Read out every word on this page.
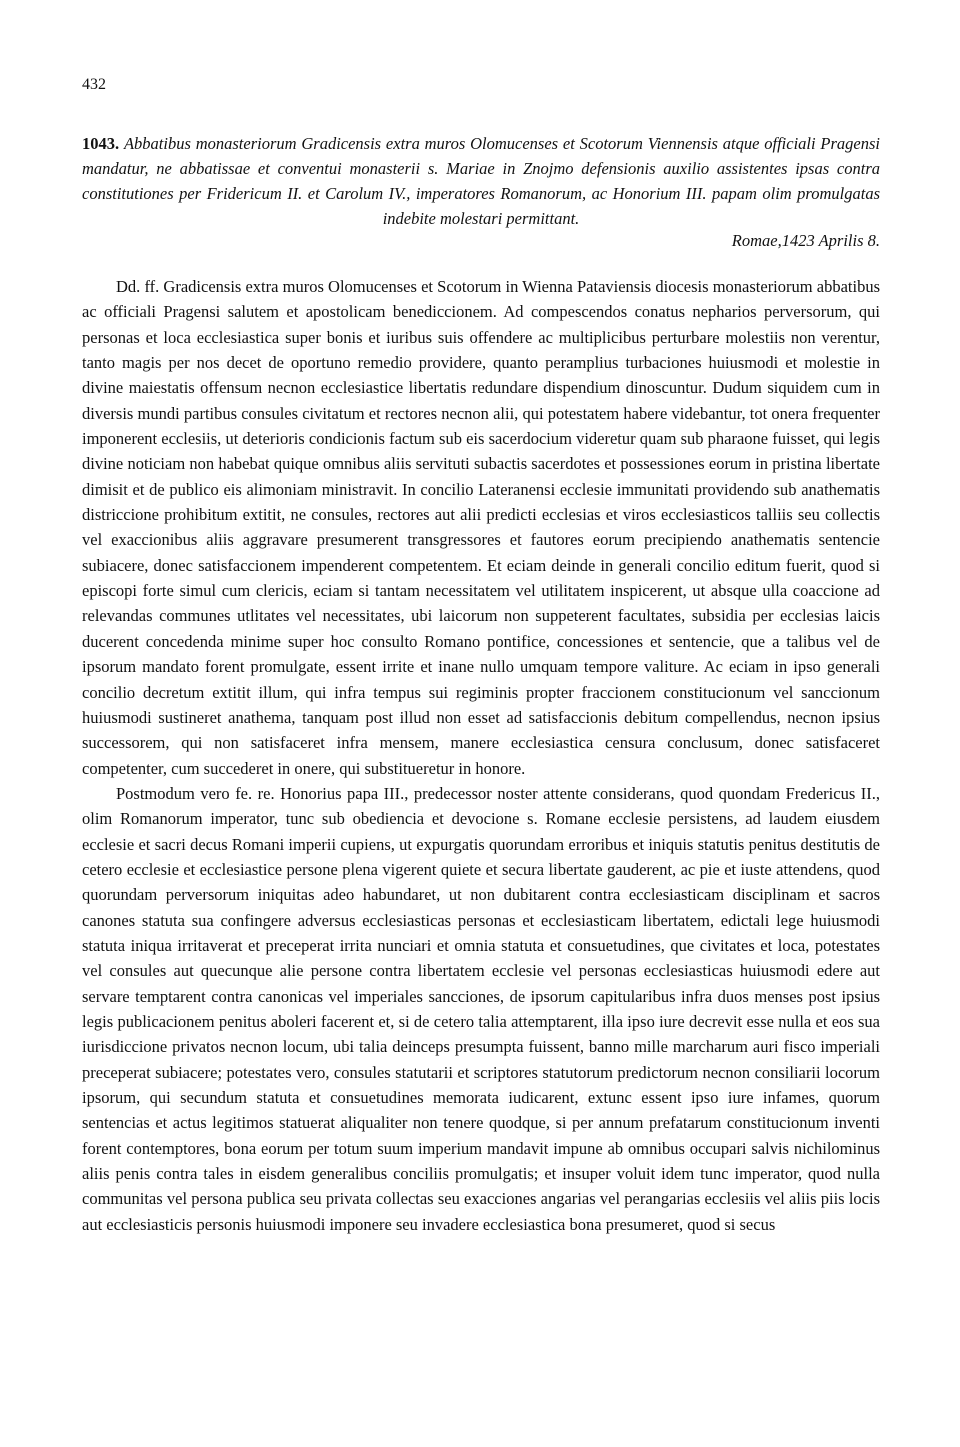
432
1043. Abbatibus monasteriorum Gradicensis extra muros Olomucenses et Scotorum Viennensis atque officiali Pragensi mandatur, ne abbatissae et conventui monasterii s. Mariae in Znojmo defensionis auxilio assistentes ipsas contra constitutiones per Fridericum II. et Carolum IV., imperatores Romanorum, ac Honorium III. papam olim promulgatas indebite molestari permittant.
Romae,1423 Aprilis 8.

Dd. ff. Gradicensis extra muros Olomucenses et Scotorum in Wienna Pataviensis diocesis monasteriorum abbatibus ac officiali Pragensi salutem et apostolicam benediccionem. Ad compescendos conatus nepharios perversorum, qui personas et loca ecclesiastica super bonis et iuribus suis offendere ac multiplicibus perturbare molestiis non verentur, tanto magis per nos decet de oportuno remedio providere, quanto peramplius turbaciones huiusmodi et molestie in divine maiestatis offensum necnon ecclesiastice libertatis redundare dispendium dinoscuntur. Dudum siquidem cum in diversis mundi partibus consules civitatum et rectores necnon alii, qui potestatem habere videbantur, tot onera frequenter imponerent ecclesiis, ut deterioris condicionis factum sub eis sacerdocium videretur quam sub pharaone fuisset, qui legis divine noticiam non habebat quique omnibus aliis servituti subactis sacerdotes et possessiones eorum in pristina libertate dimisit et de publico eis alimoniam ministravit. In concilio Lateranensi ecclesie immunitati providendo sub anathematis districcione prohibitum extitit, ne consules, rectores aut alii predicti ecclesias et viros ecclesiasticos talliis seu collectis vel exaccionibus aliis aggravare presumerent transgressores et fautores eorum precipiendo anathematis sentencie subiacere, donec satisfaccionem impenderent competentem. Et eciam deinde in generali concilio editum fuerit, quod si episcopi forte simul cum clericis, eciam si tantam necessitatem vel utilitatem inspicerent, ut absque ulla coaccione ad relevandas communes utlitates vel necessitates, ubi laicorum non suppeterent facultates, subsidia per ecclesias laicis ducerent concedenda minime super hoc consulto Romano pontifice, concessiones et sentencie, que a talibus vel de ipsorum mandato forent promulgate, essent irrite et inane nullo umquam tempore valiture. Ac eciam in ipso generali concilio decretum extitit illum, qui infra tempus sui regiminis propter fraccionem constitucionum vel sanccionum huiusmodi sustineret anathema, tanquam post illud non esset ad satisfaccionis debitum compellendus, necnon ipsius successorem, qui non satisfaceret infra mensem, manere ecclesiastica censura conclusum, donec satisfaceret competenter, cum succederet in onere, qui substitueretur in honore.

Postmodum vero fe. re. Honorius papa III., predecessor noster attente considerans, quod quondam Fredericus II., olim Romanorum imperator, tunc sub obediencia et devocione s. Romane ecclesie persistens, ad laudem eiusdem ecclesie et sacri decus Romani imperii cupiens, ut expurgatis quorundam erroribus et iniquis statutis penitus destitutis de cetero ecclesie et ecclesiastice persone plena vigerent quiete et secura libertate gauderent, ac pie et iuste attendens, quod quorundam perversorum iniquitas adeo habundaret, ut non dubitarent contra ecclesiasticam disciplinam et sacros canones statuta sua confingere adversus ecclesiasticas personas et ecclesiasticam libertatem, edictali lege huiusmodi statuta iniqua irritaverat et preceperat irrita nunciari et omnia statuta et consuetudines, que civitates et loca, potestates vel consules aut quecunque alie persone contra libertatem ecclesie vel personas ecclesiasticas huiusmodi edere aut servare temptarent contra canonicas vel imperiales sancciones, de ipsorum capitularibus infra duos menses post ipsius legis publicacionem penitus aboleri facerent et, si de cetero talia attemptarent, illa ipso iure decrevit esse nulla et eos sua iurisdiccione privatos necnon locum, ubi talia deinceps presumpta fuissent, banno mille marcharum auri fisco imperiali preceperat subiacere; potestates vero, consules statutarii et scriptores statutorum predictorum necnon consiliarii locorum ipsorum, qui secundum statuta et consuetudines memorata iudicarent, extunc essent ipso iure infames, quorum sentencias et actus legitimos statuerat aliqualiter non tenere quodque, si per annum prefatarum constitucionum inventi forent contemptores, bona eorum per totum suum imperium mandavit impune ab omnibus occupari salvis nichilominus aliis penis contra tales in eisdem generalibus conciliis promulgatis; et insuper voluit idem tunc imperator, quod nulla communitas vel persona publica seu privata collectas seu exacciones angarias vel perangarias ecclesiis vel aliis piis locis aut ecclesiasticis personis huiusmodi imponere seu invadere ecclesiastica bona presumeret, quod si secus
